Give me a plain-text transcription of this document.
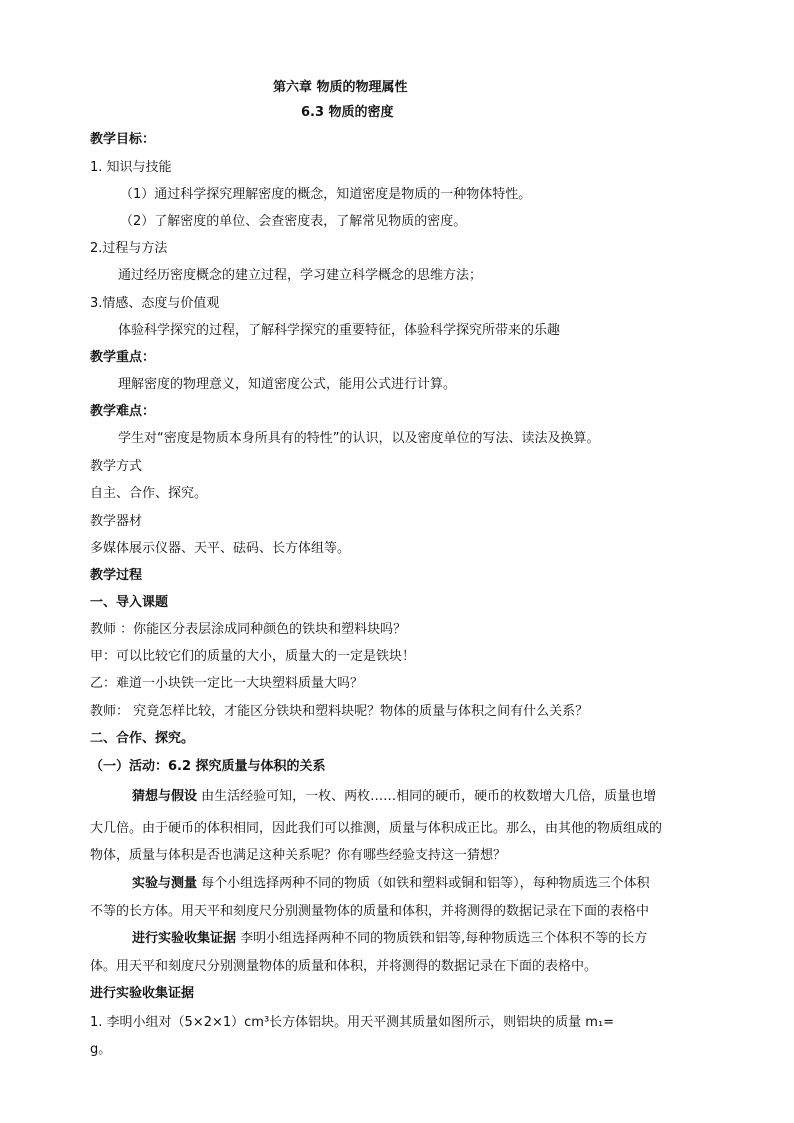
第六章 物质的物理属性
6.3 物质的密度
教学目标：
1. 知识与技能
（1）通过科学探究理解密度的概念，知道密度是物质的一种物体特性。
（2）了解密度的单位、会查密度表，了解常见物质的密度。
2.过程与方法
通过经历密度概念的建立过程，学习建立科学概念的思维方法；
3.情感、态度与价值观
体验科学探究的过程，了解科学探究的重要特征，体验科学探究所带来的乐趣
教学重点：
理解密度的物理意义，知道密度公式，能用公式进行计算。
教学难点：
学生对“密度是物质本身所具有的特性”的认识，以及密度单位的写法、读法及换算。
教学方式
自主、合作、探究。
教学器材
多媒体展示仪器、天平、砝码、长方体组等。
教学过程
一、导入课题
教师 ：你能区分表层涂成同种颜色的铁块和塑料块吗？
甲：可以比较它们的质量的大小，质量大的一定是铁块！
乙：难道一小块铁一定比一大块塑料质量大吗？
教师： 究竟怎样比较，才能区分铁块和塑料块呢？物体的质量与体积之间有什么关系？
二、合作、探究。
（一）活动：6.2 探究质量与体积的关系
猜想与假设 由生活经验可知，一枚、两枚……相同的硬币，硬币的枚数增大几倍，质量也增
大几倍。由于硬币的体积相同，因此我们可以推测，质量与体积成正比。那么，由其他的物质组成的
物体，质量与体积是否也满足这种关系呢？你有哪些经验支持这一猜想？
实验与测量 每个小组选择两种不同的物质（如铁和塑料或铜和铝等），每种物质选三个体积
不等的长方体。用天平和刻度尺分别测量物体的质量和体积，并将测得的数据记录在下面的表格中
进行实验收集证据 李明小组选择两种不同的物质铁和铝等,每种物质选三个体积不等的长方
体。用天平和刻度尺分别测量物体的质量和体积，并将测得的数据记录在下面的表格中。
进行实验收集证据
1. 李明小组对（5×2×1）cm³长方体铝块。用天平测其质量如图所示，则铝块的质量 m₁=
g。
